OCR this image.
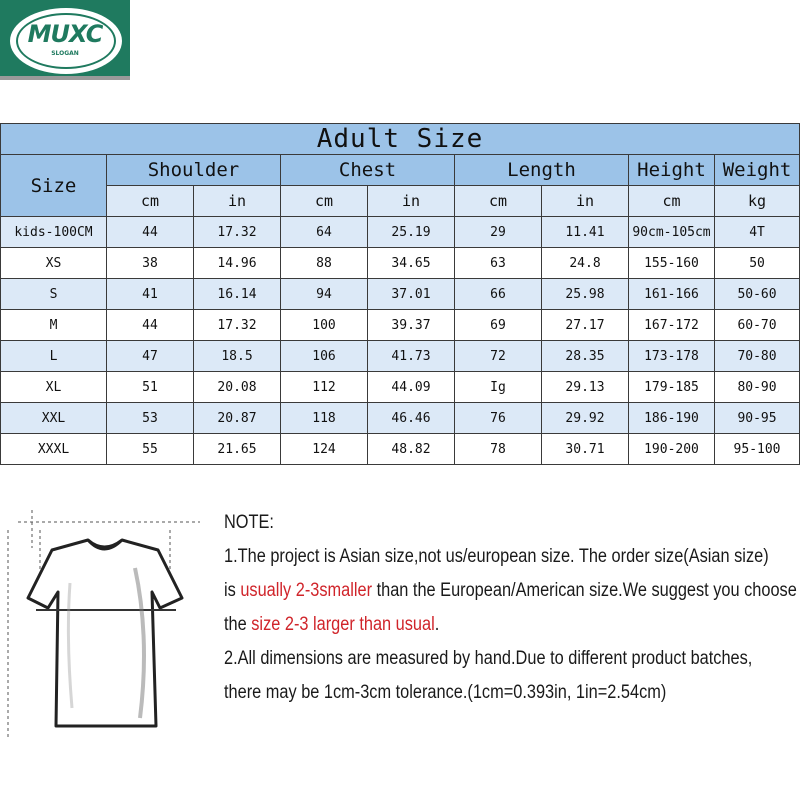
MUXC
SLOGAN
Adult Size								
Size	Shoulder		Chest		Length		Height	Weight
	cm	in	cm	in	cm	in	cm	kg
kids-100CM	44	17.32	64	25.19	29	11.41	90cm-105cm	4T
XS	38	14.96	88	34.65	63	24.8	155-160	50
S	41	16.14	94	37.01	66	25.98	161-166	50-60
M	44	17.32	100	39.37	69	27.17	167-172	60-70
L	47	18.5	106	41.73	72	28.35	173-178	70-80
XL	51	20.08	112	44.09	Ig	29.13	179-185	80-90
XXL	53	20.87	118	46.46	76	29.92	186-190	90-95
XXXL	55	21.65	124	48.82	78	30.71	190-200	95-100
NOTE:
1.The project is Asian size,not us/european size. The order size(Asian size)
is usually 2-3smaller than the European/American size.We suggest you choose
the size 2-3 larger than usual.
2.All dimensions are measured by hand.Due to different product batches,
there may be 1cm-3cm tolerance.(1cm=0.393in, 1in=2.54cm)
